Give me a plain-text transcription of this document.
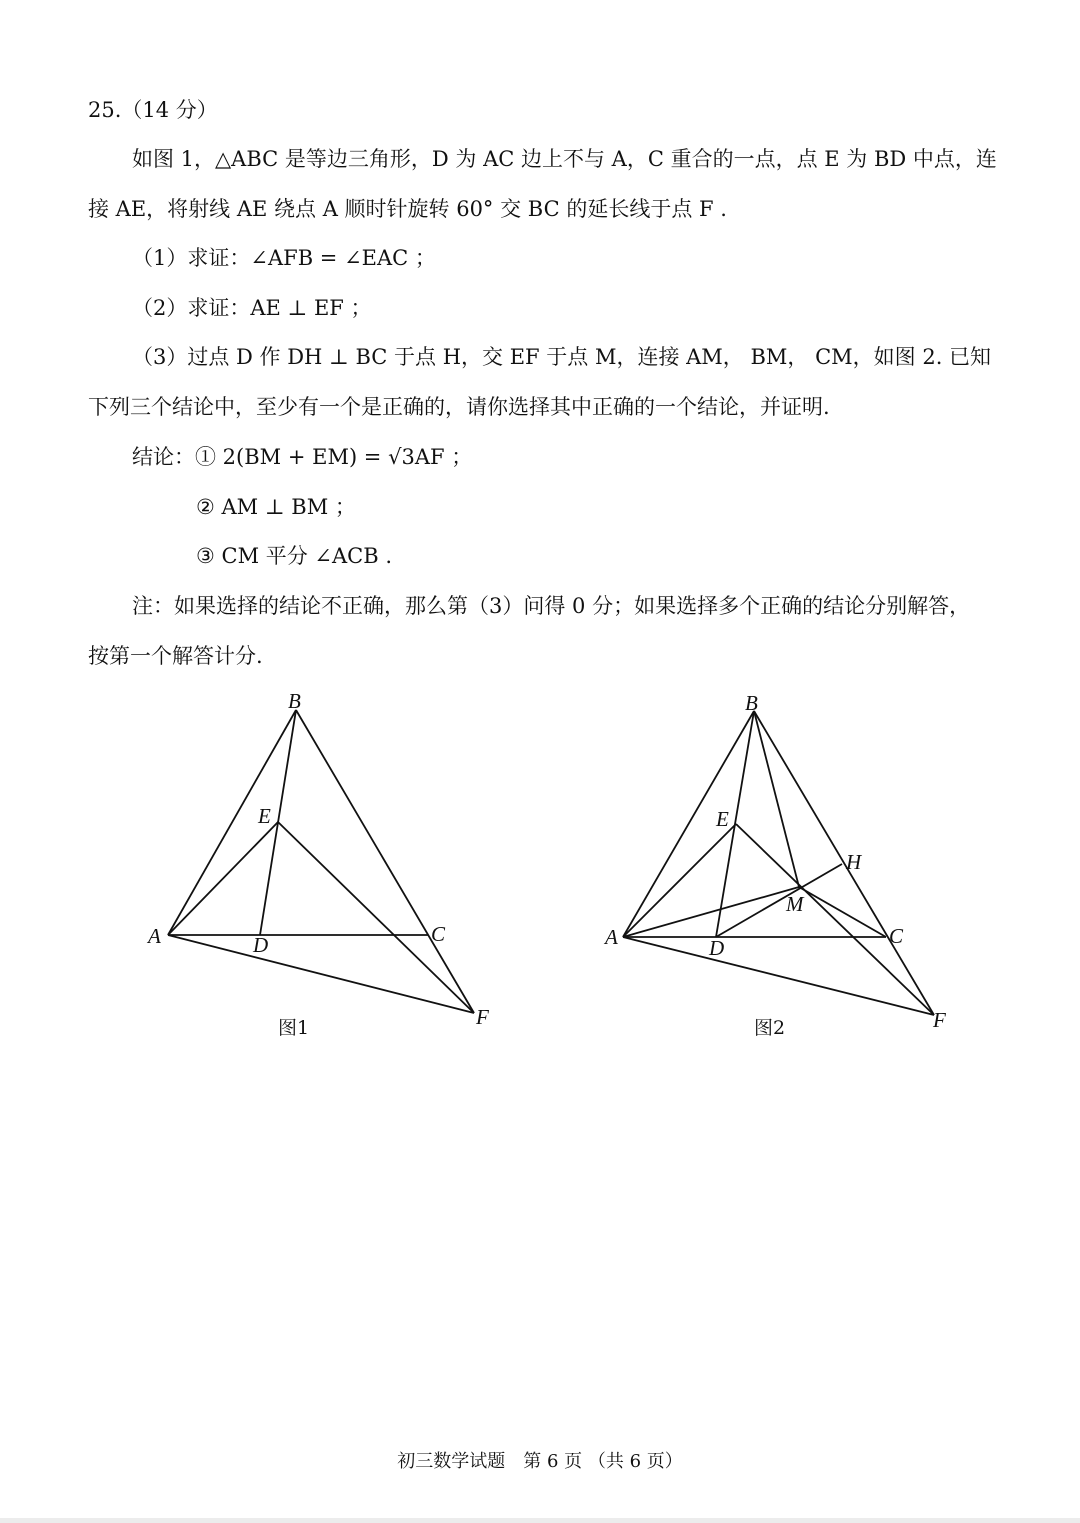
25.（14 分）
如图 1，△ABC 是等边三角形，D 为 AC 边上不与 A，C 重合的一点，点 E 为 BD 中点，连
接 AE，将射线 AE 绕点 A 顺时针旋转 60° 交 BC 的延长线于点 F .
（1）求证：∠AFB = ∠EAC ；
（2）求证：AE ⊥ EF ；
（3）过点 D 作 DH ⊥ BC 于点 H，交 EF 于点 M，连接 AM， BM， CM，如图 2. 已知
下列三个结论中，至少有一个是正确的，请你选择其中正确的一个结论，并证明.
结论：① 2(BM + EM) = √3AF ；
② AM ⊥ BM ；
③ CM 平分 ∠ACB .
注：如果选择的结论不正确，那么第（3）问得 0 分；如果选择多个正确的结论分别解答，
按第一个解答计分.
A
B
C
D
E
F
图1
A
B
C
D
E
F
H
M
图2
初三数学试题　第 6 页 （共 6 页）
